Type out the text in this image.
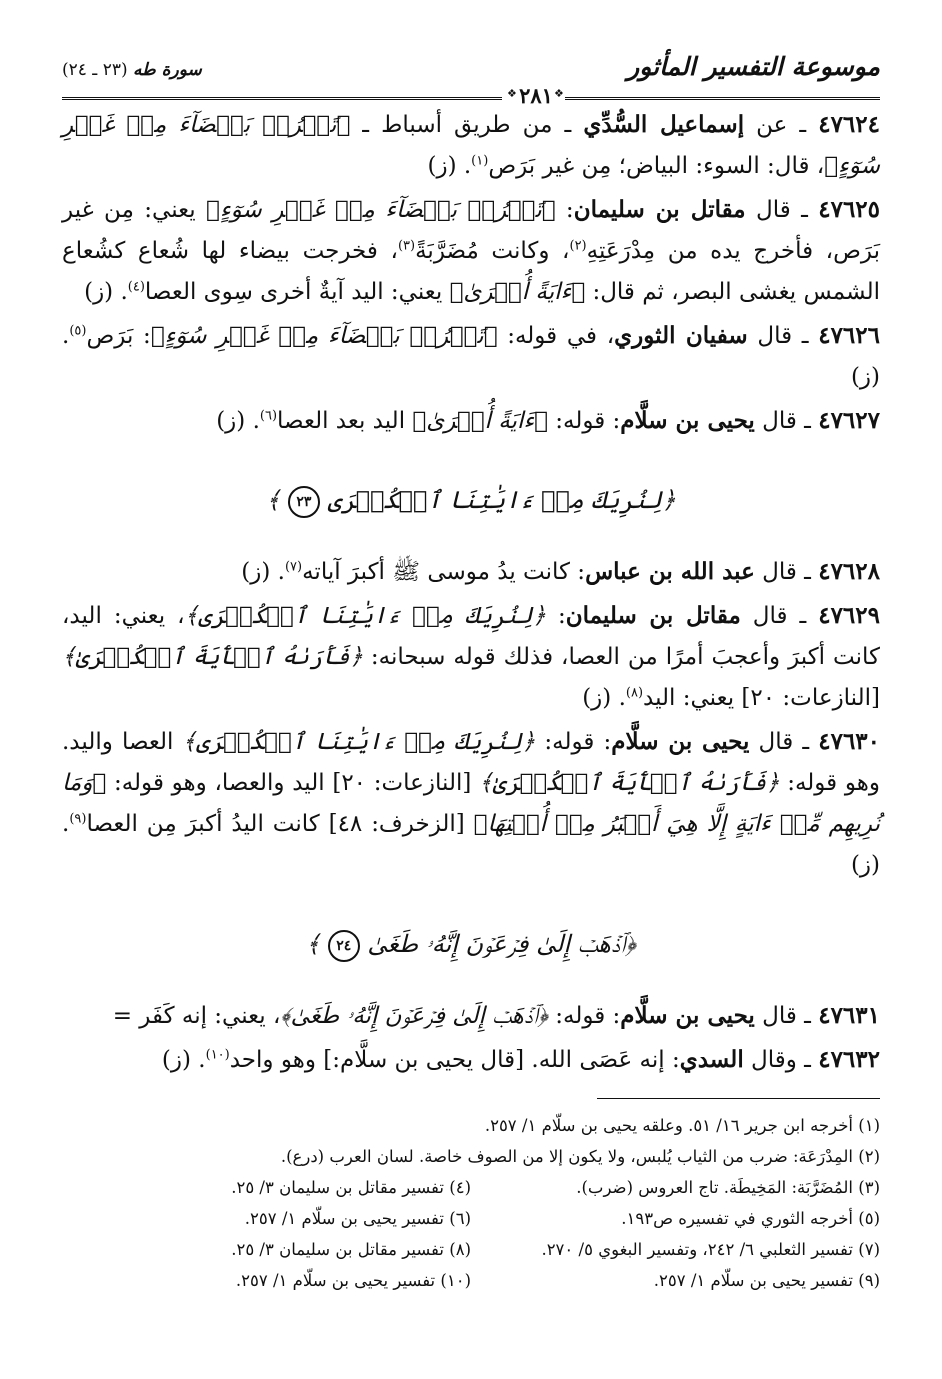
موسوعة التفسير المأثور
سورة طه (٢٣ ـ ٢٤)
❖
٢٨١
❖
٤٧٦٢٤ ـ عن إسماعيل السُّدِّي ـ من طريق أسباط ـ ﴿تَخۡرُجۡ بَيۡضَآءَ مِنۡ غَيۡرِ سُوٓءٍ﴾، قال: السوء: البياض؛ مِن غير بَرَص$^{(١)}$. (ز)
٤٧٦٢٥ ـ قال مقاتل بن سليمان: ﴿تَخۡرُجۡ بَيۡضَآءَ مِنۡ غَيۡرِ سُوٓءٍ﴾ يعني: مِن غير بَرَص، فأخرج يده من مِدْرَعَتِهِ$^{(٢)}$، وكانت مُضَرَّبَةً$^{(٣)}$، فخرجت بيضاء لها شُعاع كشُعاع الشمس يغشى البصر، ثم قال: ﴿ءَايَةً أُخۡرَىٰ﴾ يعني: اليد آيةٌ أخرى سِوى العصا$^{(٤)}$. (ز)
٤٧٦٢٦ ـ قال سفيان الثوري، في قوله: ﴿تَخۡرُجۡ بَيۡضَآءَ مِنۡ غَيۡرِ سُوٓءٍ﴾: بَرَص$^{(٥)}$. (ز)
٤٧٦٢٧ ـ قال يحيى بن سلَّام: قوله: ﴿ءَايَةً أُخۡرَىٰ﴾ اليد بعد العصا$^{(٦)}$. (ز)
﴿لِنُرِيَكَ مِنۡ ءَايَٰتِنَا ٱلۡكُبۡرَى ٢٣ ﴾
٤٧٦٢٨ ـ قال عبد الله بن عباس: كانت يدُ موسى ﷺ أكبرَ آياته$^{(٧)}$. (ز)
٤٧٦٢٩ ـ قال مقاتل بن سليمان: ﴿لِنُرِيَكَ مِنۡ ءَايَٰتِنَا ٱلۡكُبۡرَى﴾، يعني: اليد، كانت أكبرَ وأعجبَ أمرًا من العصا، فذلك قوله سبحانه: ﴿فَأَرَىٰهُ ٱلۡأٓيَةَ ٱلۡكُبۡرَىٰ﴾ [النازعات: ٢٠] يعني: اليد$^{(٨)}$. (ز)
٤٧٦٣٠ ـ قال يحيى بن سلَّام: قوله: ﴿لِنُرِيَكَ مِنۡ ءَايَٰتِنَا ٱلۡكُبۡرَى﴾ العصا واليد. وهو قوله: ﴿فَأَرَىٰهُ ٱلۡأٓيَةَ ٱلۡكُبۡرَىٰ﴾ [النازعات: ٢٠] اليد والعصا، وهو قوله: ﴿وَمَا نُرِيهِم مِّنۡ ءَايَةٍ إِلَّا هِيَ أَكۡبَرُ مِنۡ أُخۡتِهَا﴾ [الزخرف: ٤٨] كانت اليدُ أكبرَ مِن العصا$^{(٩)}$. (ز)
﴿ٱذۡهَبۡ إِلَىٰ فِرۡعَوۡنَ إِنَّهُۥ طَغَىٰ ٢٤ ﴾
٤٧٦٣١ ـ قال يحيى بن سلَّام: قوله: ﴿ٱذۡهَبۡ إِلَىٰ فِرۡعَوۡنَ إِنَّهُۥ طَغَىٰ﴾، يعني: إنه كَفَر =
٤٧٦٣٢ ـ وقال السدي: إنه عَصَى الله. [قال يحيى بن سلَّام:] وهو واحد$^{(١٠)}$. (ز)
(١) أخرجه ابن جرير ١٦/ ٥١. وعلقه يحيى بن سلّام ١/ ٢٥٧.
(٢) المِدْرَعَة: ضرب من الثياب يُلبس، ولا يكون إلا من الصوف خاصة. لسان العرب (درع).
(٣) المُضَرَّبَة: المَخِيطَة. تاج العروس (ضرب).
(٤) تفسير مقاتل بن سليمان ٣/ ٢٥.
(٥) أخرجه الثوري في تفسيره ص١٩٣.
(٦) تفسير يحيى بن سلّام ١/ ٢٥٧.
(٧) تفسير الثعلبي ٦/ ٢٤٢، وتفسير البغوي ٥/ ٢٧٠.
(٨) تفسير مقاتل بن سليمان ٣/ ٢٥.
(٩) تفسير يحيى بن سلّام ١/ ٢٥٧.
(١٠) تفسير يحيى بن سلّام ١/ ٢٥٧.
